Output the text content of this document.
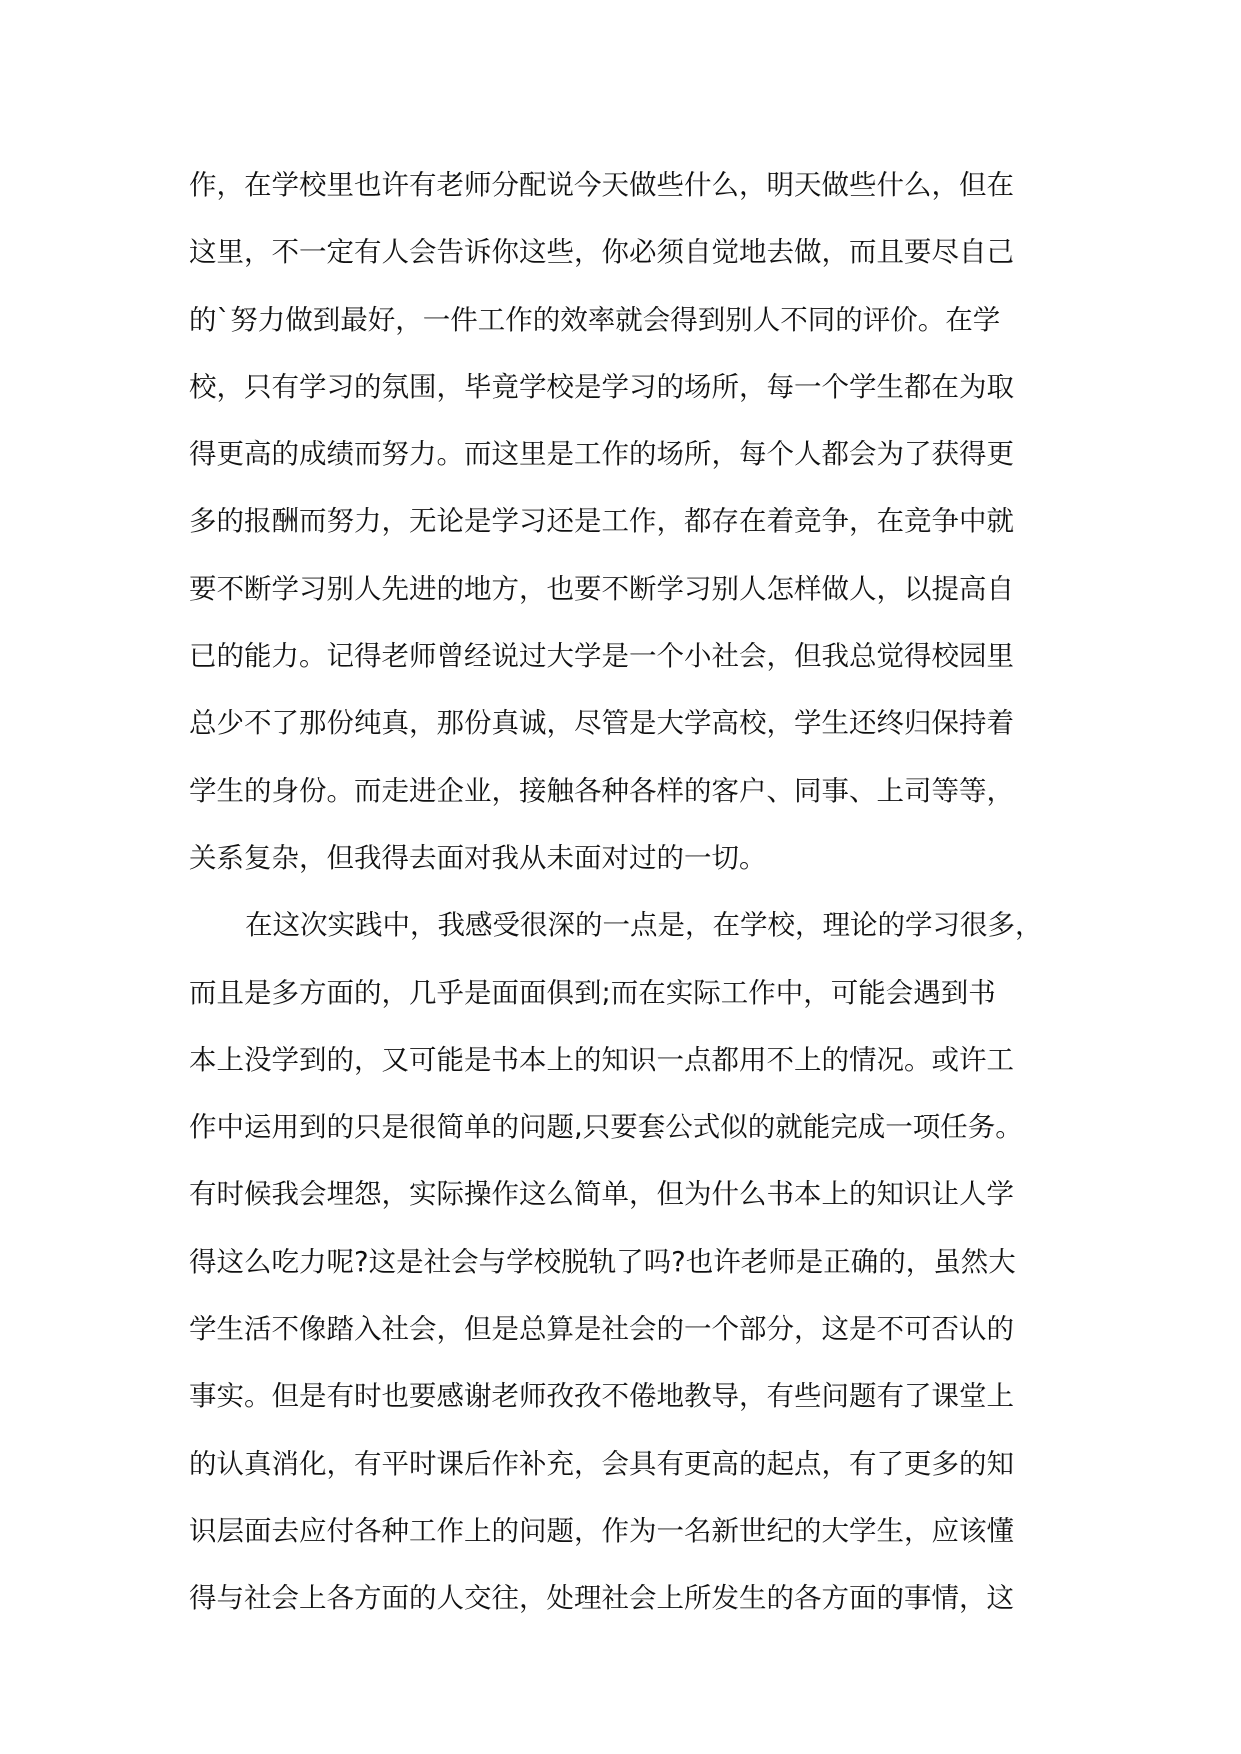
作，在学校里也许有老师分配说今天做些什么，明天做些什么，但在
这里，不一定有人会告诉你这些，你必须自觉地去做，而且要尽自己
的`努力做到最好，一件工作的效率就会得到别人不同的评价。在学
校，只有学习的氛围，毕竟学校是学习的场所，每一个学生都在为取
得更高的成绩而努力。而这里是工作的场所，每个人都会为了获得更
多的报酬而努力，无论是学习还是工作，都存在着竞争，在竞争中就
要不断学习别人先进的地方，也要不断学习别人怎样做人，以提高自
已的能力。记得老师曾经说过大学是一个小社会，但我总觉得校园里
总少不了那份纯真，那份真诚，尽管是大学高校，学生还终归保持着
学生的身份。而走进企业，接触各种各样的客户、同事、上司等等，
关系复杂，但我得去面对我从未面对过的一切。
在这次实践中，我感受很深的一点是，在学校，理论的学习很多，
而且是多方面的，几乎是面面俱到;而在实际工作中，可能会遇到书
本上没学到的，又可能是书本上的知识一点都用不上的情况。或许工
作中运用到的只是很简单的问题,只要套公式似的就能完成一项任务。
有时候我会埋怨，实际操作这么简单，但为什么书本上的知识让人学
得这么吃力呢?这是社会与学校脱轨了吗?也许老师是正确的，虽然大
学生活不像踏入社会，但是总算是社会的一个部分，这是不可否认的
事实。但是有时也要感谢老师孜孜不倦地教导，有些问题有了课堂上
的认真消化，有平时课后作补充，会具有更高的起点，有了更多的知
识层面去应付各种工作上的问题，作为一名新世纪的大学生，应该懂
得与社会上各方面的人交往，处理社会上所发生的各方面的事情，这
